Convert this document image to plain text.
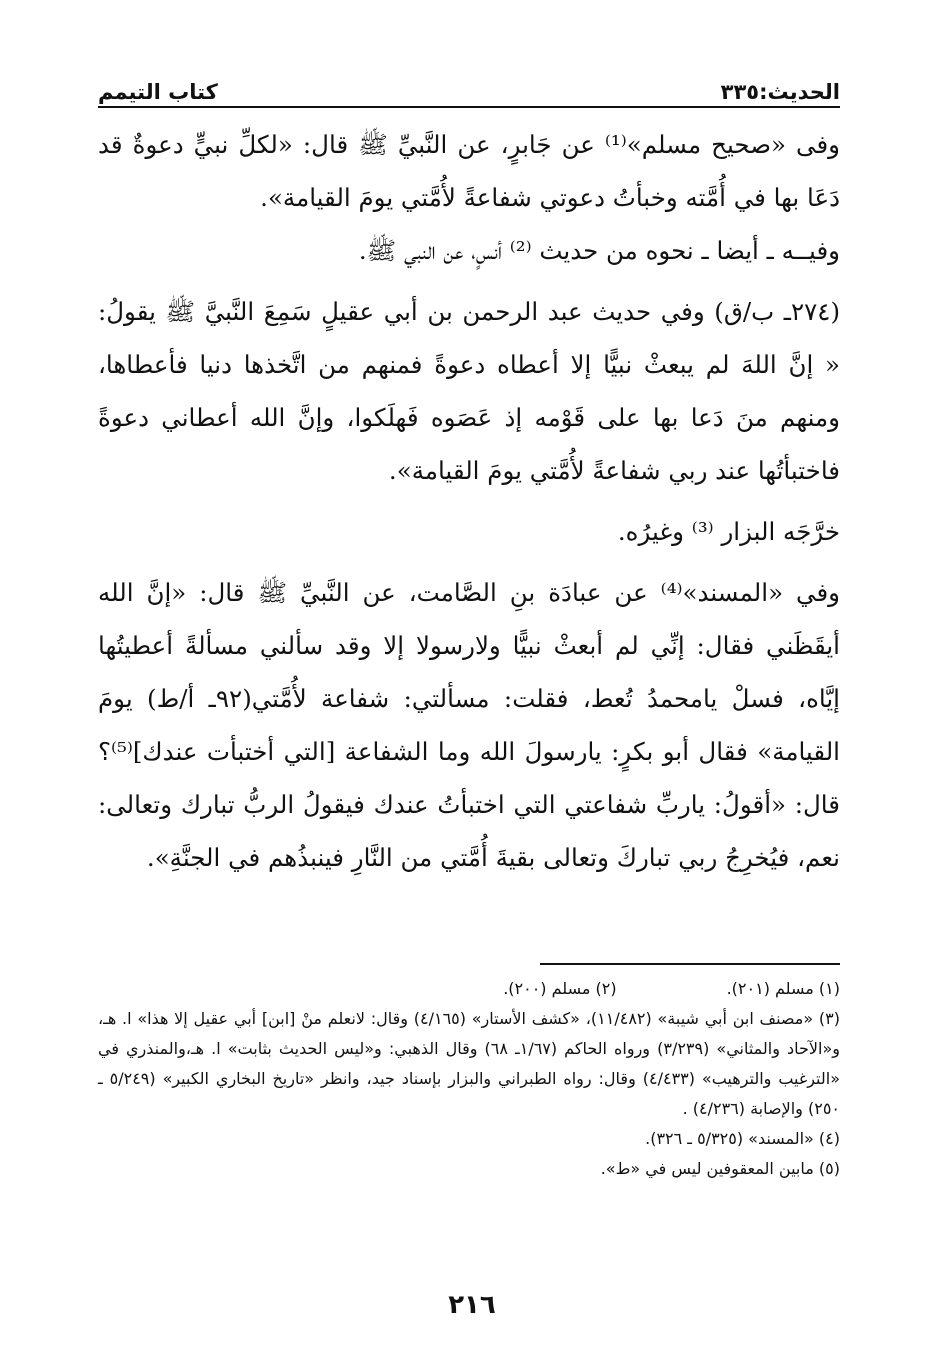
الحديث:٣٣٥
كتاب التيمم

وفى «صحيح مسلم»⁽¹⁾ عن جَابرٍ، عن النَّبيِّ ﷺ قال: «لكلِّ نبيٍّ دعوةٌ قد دَعَا بها في أُمَّته وخبأتُ دعوتي شفاعةً لأُمَّتي يومَ القيامة».

وفيــه ـ أيضا ـ نحوه من حديث ⁽²⁾ أنسٍ، عن النبي ﷺ.

(٢٧٤ـ ب/ق) وفي حديث عبد الرحمن بن أبي عقيلٍ سَمِعَ النَّبيَّ ﷺ يقولُ: « إنَّ اللهَ لم يبعثْ نبيًّا إلا أعطاه دعوةً فمنهم من اتَّخذها دنيا فأعطاها، ومنهم منَ دَعا بها على قَوْمه إذ عَصَوه فَهلَكوا، وإنَّ الله أعطاني دعوةً فاختبأتُها عند ربي شفاعةً لأُمَّتي يومَ القيامة».

خرَّجَه البزار ⁽³⁾ وغيرُه.

وفي «المسند»⁽⁴⁾ عن عبادَة بنِ الصَّامت، عن النَّبيِّ ﷺ قال: «إنَّ الله أيقَظَني فقال: إنِّي لم أبعثْ نبيًّا ولارسولا إلا وقد سألني مسألةً أعطيتُها إيَّاه، فسلْ يامحمدُ تُعط، فقلت: مسألتي: شفاعة لأُمَّتي(٩٢ـ أ/ط) يومَ القيامة» فقال أبو بكرٍ: يارسولَ الله وما الشفاعة [التي أختبأت عندك]⁽⁵⁾؟ قال: «أقولُ: ياربِّ شفاعتي التي اختبأتُ عندك فيقولُ الربُّ تبارك وتعالى: نعم، فيُخرِجُ ربي تباركَ وتعالى بقيةَ أُمَّتي من النَّارِ فينبذُهم في الجنَّةِ».

(١) مسلم (٢٠١).
(٢) مسلم (٢٠٠).

(٣) «مصنف ابن أبي شيبة» (١١/٤٨٢)، «كشف الأستار» (٤/١٦٥) وقال: لانعلم منْ [ابن] أبي عقيل إلا هذا» ا. هـ، و«الآحاد والمثاني» (٣/٢٣٩) ورواه الحاكم (١/٦٧ـ ٦٨) وقال الذهبي: و«ليس الحديث بثابت» ا. هـ،والمنذري في «الترغيب والترهيب» (٤/٤٣٣) وقال: رواه الطبراني والبزار بإسناد جيد، وانظر «تاريخ البخاري الكبير» (٥/٢٤٩ ـ ٢٥٠) والإصابة (٤/٢٣٦) .

(٤) «المسند» (٥/٣٢٥ ـ ٣٢٦).

(٥) مابين المعقوفين ليس في «ط».

٢١٦
